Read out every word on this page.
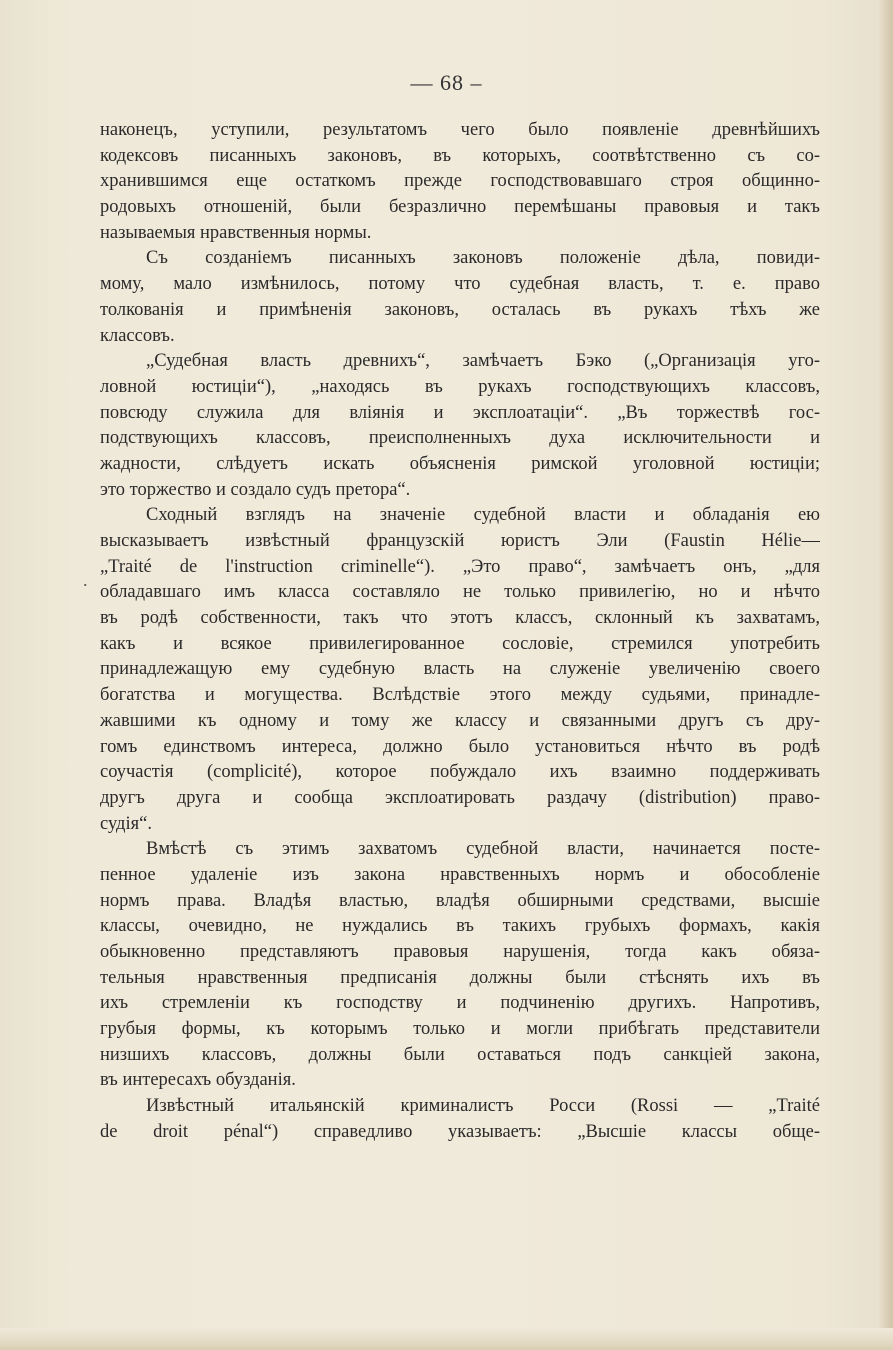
— 68 –
.
наконецъ, уступили, результатомъ чего было появленіе древнѣйшихъ
кодексовъ писанныхъ законовъ, въ которыхъ, соотвѣтственно съ со-
хранившимся еще остаткомъ прежде господствовавшаго строя общинно-
родовыхъ отношеній, были безразлично перемѣшаны правовыя и такъ
называемыя нравственныя нормы.
Съ созданіемъ писанныхъ законовъ положеніе дѣла, повиди-
мому, мало измѣнилось, потому что судебная власть, т. е. право
толкованія и примѣненія законовъ, осталась въ рукахъ тѣхъ же
классовъ.
„Судебная власть древнихъ“, замѣчаетъ Бэко („Организація уго-
ловной юстиціи“), „находясь въ рукахъ господствующихъ классовъ,
повсюду служила для вліянія и эксплоатаціи“. „Въ торжествѣ гос-
подствующихъ классовъ, преисполненныхъ духа исключительности и
жадности, слѣдуетъ искать объясненія римской уголовной юстиціи;
это торжество и создало судъ претора“.
Сходный взглядъ на значеніе судебной власти и обладанія ею
высказываетъ извѣстный французскій юристъ Эли (Faustin Hélie—
„Traité de l'instruction criminelle“). „Это право“, замѣчаетъ онъ, „для
обладавшаго имъ класса составляло не только привилегію, но и нѣчто
въ родѣ собственности, такъ что этотъ классъ, склонный къ захватамъ,
какъ и всякое привилегированное сословіе, стремился употребить
принадлежащую ему судебную власть на служеніе увеличенію своего
богатства и могущества. Вслѣдствіе этого между судьями, принадле-
жавшими къ одному и тому же классу и связанными другъ съ дру-
гомъ единствомъ интереса, должно было установиться нѣчто въ родѣ
соучастія (complicité), которое побуждало ихъ взаимно поддерживать
другъ друга и сообща эксплоатировать раздачу (distribution) право-
судія“.
Вмѣстѣ съ этимъ захватомъ судебной власти, начинается посте-
пенное удаленіе изъ закона нравственныхъ нормъ и обособленіе
нормъ права. Владѣя властью, владѣя обширными средствами, высшіе
классы, очевидно, не нуждались въ такихъ грубыхъ формахъ, какія
обыкновенно представляютъ правовыя нарушенія, тогда какъ обяза-
тельныя нравственныя предписанія должны были стѣснять ихъ въ
ихъ стремленіи къ господству и подчиненію другихъ. Напротивъ,
грубыя формы, къ которымъ только и могли прибѣгать представители
низшихъ классовъ, должны были оставаться подъ санкціей закона,
въ интересахъ обузданія.
Извѣстный итальянскій криминалистъ Росси (Rossi — „Traité
de droit pénal“) справедливо указываетъ: „Высшіе классы обще-
